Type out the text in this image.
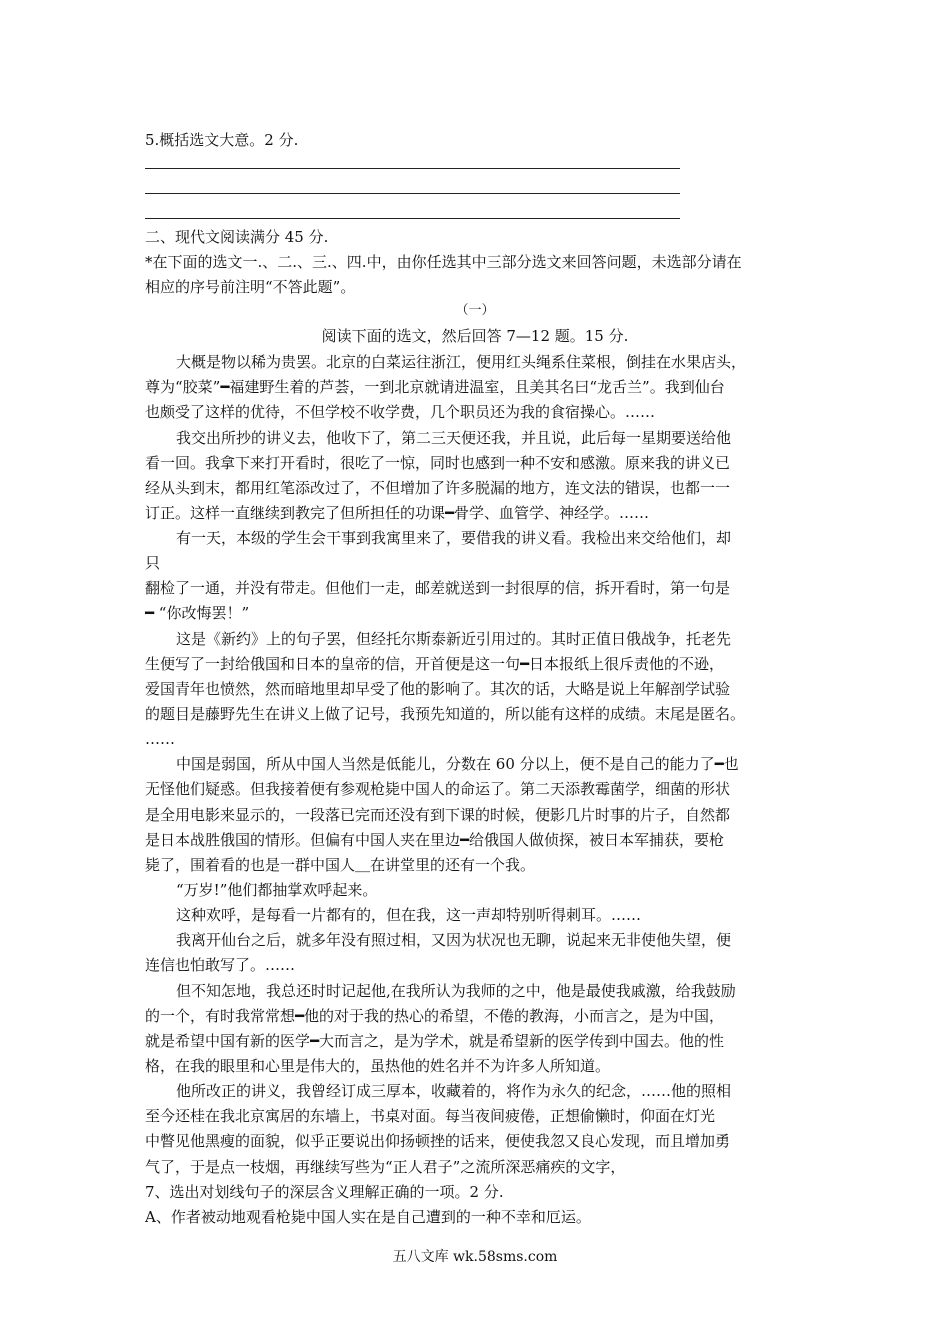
5.概括选文大意。2 分.
二、现代文阅读满分 45 分.
*在下面的选文一.、二.、三.、四.中，由你任选其中三部分选文来回答问题，未选部分请在
相应的序号前注明“不答此题”。
（一）
阅读下面的选文，然后回答 7—12 题。15 分.
大概是物以稀为贵罢。北京的白菜运往浙江，便用红头绳系住菜根，倒挂在水果店头，
尊为“胶菜”━福建野生着的芦荟，一到北京就请进温室，且美其名曰“龙舌兰”。我到仙台
也颇受了这样的优待，不但学校不收学费，几个职员还为我的食宿操心。……
我交出所抄的讲义去，他收下了，第二三天便还我，并且说，此后每一星期要送给他
看一回。我拿下来打开看时，很吃了一惊，同时也感到一种不安和感激。原来我的讲义已
经从头到末，都用红笔添改过了，不但增加了许多脱漏的地方，连文法的错误，也都一一
订正。这样一直继续到教完了但所担任的功课━骨学、血管学、神经学。……
有一天，本级的学生会干事到我寓里来了，要借我的讲义看。我检出来交给他们，却
只
翻检了一通，并没有带走。但他们一走，邮差就送到一封很厚的信，拆开看时，第一句是
━ “你改悔罢！”
这是《新约》上的句子罢，但经托尔斯泰新近引用过的。其时正值日俄战争，托老先
生便写了一封给俄国和日本的皇帝的信，开首便是这一句━日本报纸上很斥责他的不逊，
爱国青年也愤然，然而暗地里却早受了他的影响了。其次的话，大略是说上年解剖学试验
的题目是藤野先生在讲义上做了记号，我预先知道的，所以能有这样的成绩。末尾是匿名。
……
中国是弱国，所从中国人当然是低能儿，分数在 60 分以上，便不是自己的能力了━也
无怪他们疑惑。但我接着便有参观枪毙中国人的命运了。第二天添教霉菌学，细菌的形状
是全用电影来显示的，一段落已完而还没有到下课的时候，便影几片时事的片子，自然都
是日本战胜俄国的情形。但偏有中国人夹在里边━给俄国人做侦探，被日本军捕获，要枪
毙了，围着看的也是一群中国人＿在讲堂里的还有一个我。
“万岁!”他们都抽掌欢呼起来。
这种欢呼，是每看一片都有的，但在我，这一声却特别听得刺耳。……
我离开仙台之后，就多年没有照过相，又因为状况也无聊，说起来无非使他失望，便
连信也怕敢写了。……
但不知怎地，我总还时时记起他,在我所认为我师的之中，他是最使我戚激，给我鼓励
的一个，有时我常常想━他的对于我的热心的希望，不倦的教海，小而言之，是为中国，
就是希望中国有新的医学━大而言之，是为学术，就是希望新的医学传到中国去。他的性
格，在我的眼里和心里是伟大的，虽热他的姓名并不为许多人所知道。
他所改正的讲义，我曾经订成三厚本，收藏着的，将作为永久的纪念，……他的照相
至今还桂在我北京寓居的东墙上，书桌对面。每当夜间疲倦，正想偷懒时，仰面在灯光
中瞥见他黑瘦的面貌，似乎正要说出仰扬顿挫的话来，便使我忽又良心发现，而且增加勇
气了，于是点一枝烟，再继续写些为“正人君子”之流所深恶痛疾的文字，
7、选出对划线句子的深层含义理解正确的一项。2 分.
A、作者被动地观看枪毙中国人实在是自己遭到的一种不幸和厄运。
五八文库 wk.58sms.com
